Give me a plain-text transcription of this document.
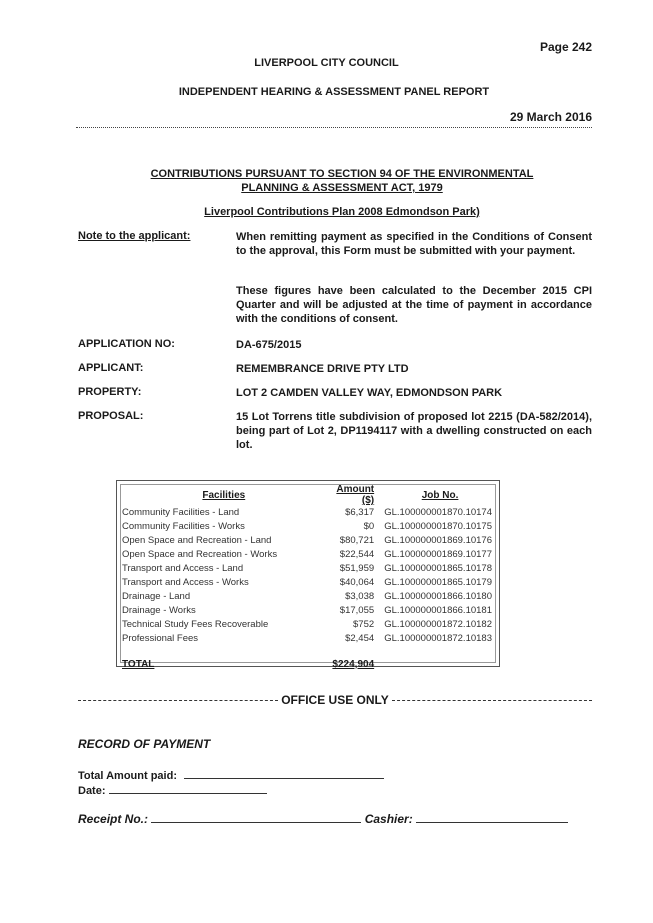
Page 242
LIVERPOOL CITY COUNCIL
INDEPENDENT HEARING & ASSESSMENT PANEL REPORT
29 March 2016
CONTRIBUTIONS PURSUANT TO SECTION 94 OF THE ENVIRONMENTAL
PLANNING & ASSESSMENT ACT, 1979
Liverpool Contributions Plan 2008 Edmondson Park)
Note to the applicant:	When remitting payment as specified in the Conditions of Consent to the approval, this Form must be submitted with your payment.
These figures have been calculated to the December 2015 CPI Quarter and will be adjusted at the time of payment in accordance with the conditions of consent.
APPLICATION NO:	DA-675/2015
APPLICANT:	REMEMBRANCE DRIVE PTY LTD
PROPERTY:	LOT 2 CAMDEN VALLEY WAY, EDMONDSON PARK
PROPOSAL:	15 Lot Torrens title subdivision of proposed lot 2215 (DA-582/2014), being part of Lot 2, DP1194117 with a dwelling constructed on each lot.
Facilities	Amount ($)	Job No.
Community Facilities - Land	$6,317	GL.100000001870.10174
Community Facilities - Works	$0	GL.100000001870.10175
Open Space and Recreation - Land	$80,721	GL.100000001869.10176
Open Space and Recreation - Works	$22,544	GL.100000001869.10177
Transport and Access - Land	$51,959	GL.100000001865.10178
Transport and Access - Works	$40,064	GL.100000001865.10179
Drainage - Land	$3,038	GL.100000001866.10180
Drainage - Works	$17,055	GL.100000001866.10181
Technical Study Fees Recoverable	$752	GL.100000001872.10182
Professional Fees	$2,454	GL.100000001872.10183

TOTAL	$224,904	
OFFICE USE ONLY
RECORD OF PAYMENT
Total Amount paid:
Date:
Receipt No.:	Cashier:
